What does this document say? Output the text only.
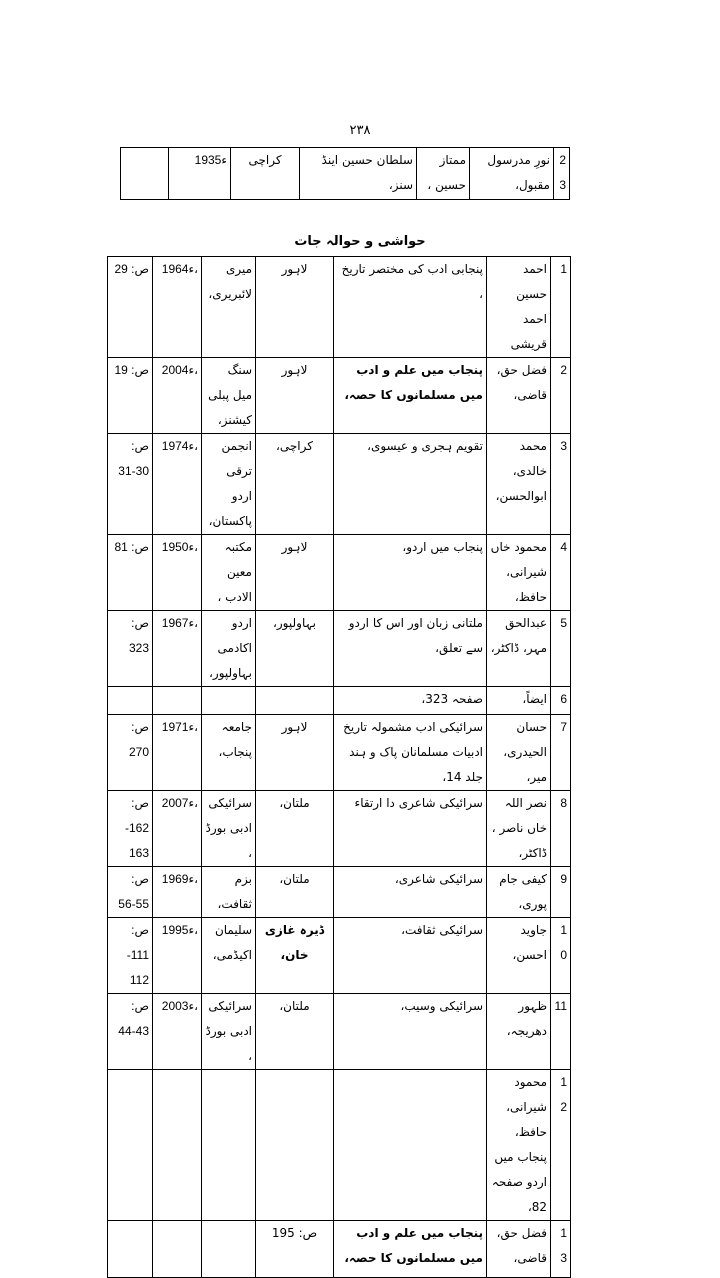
۲۳۸
	1935ء	کراچی	سلطان حسین اینڈ سنز،	ممتاز حسین ،	نورِ مدرسول مقبول،	23
حواشی و حوالہ جات
ص: 29	1964ء،	میری لائبریری،	لاہور	پنجابی ادب کی مختصر تاریخ ،	احمد حسین احمد قریشی	1
ص: 19	2004ء،	سنگ میل پبلی کیشنز،	لاہور	پنجاب میں علم و ادب میں مسلمانوں کا حصہ،	فضل حق، قاضی،	2
ص: 30-31	1974ء،	انجمن ترقی اردو پاکستان،	کراچی،	تقویم ہجری و عیسوی،	محمد خالدی، ابوالحسن،	3
ص: 81	1950ء،	مکتبہ معین الادب ،	لاہور	پنجاب میں اردو،	محمود خاں شیرانی، حافظ،	4
ص: 323	1967ء،	اردو اکادمی بہاولپور،	بہاولپور،	ملتانی زبان اور اس کا اردو سے تعلق،	عبدالحق مہر، ڈاکٹر،	5
				صفحہ 323،	ایضاً،	6
ص: 270	1971ء،	جامعہ پنجاب،	لاہور	سرائیکی ادب مشمولہ تاریخ ادبیات مسلمانان پاک و ہند جلد 14،	حسان الحیدری، میر،	7
ص: 162-163	2007ء،	سرائیکی ادبی بورڈ ،	ملتان،	سرائیکی شاعری دا ارتقاء	نصر اللہ خاں ناصر ، ڈاکٹر،	8
ص: 55-56	1969ء،	بزم ثقافت،	ملتان،	سرائیکی شاعری،	کیفی جام پوری،	9
ص: 111-112	1995ء،	سلیمان اکیڈمی،	ڈیرہ غازی خان،	سرائیکی ثقافت،	جاوید احسن،	10
ص: 43-44	2003ء،	سرائیکی ادبی بورڈ ،	ملتان،	سرائیکی وسیب،	ظہور دھریجہ،	11
					محمود شیرانی، حافظ، پنجاب میں اردو صفحہ 82،	12
			ص: 195	پنجاب میں علم و ادب میں مسلمانوں کا حصہ،	فضل حق، قاضی،	13
